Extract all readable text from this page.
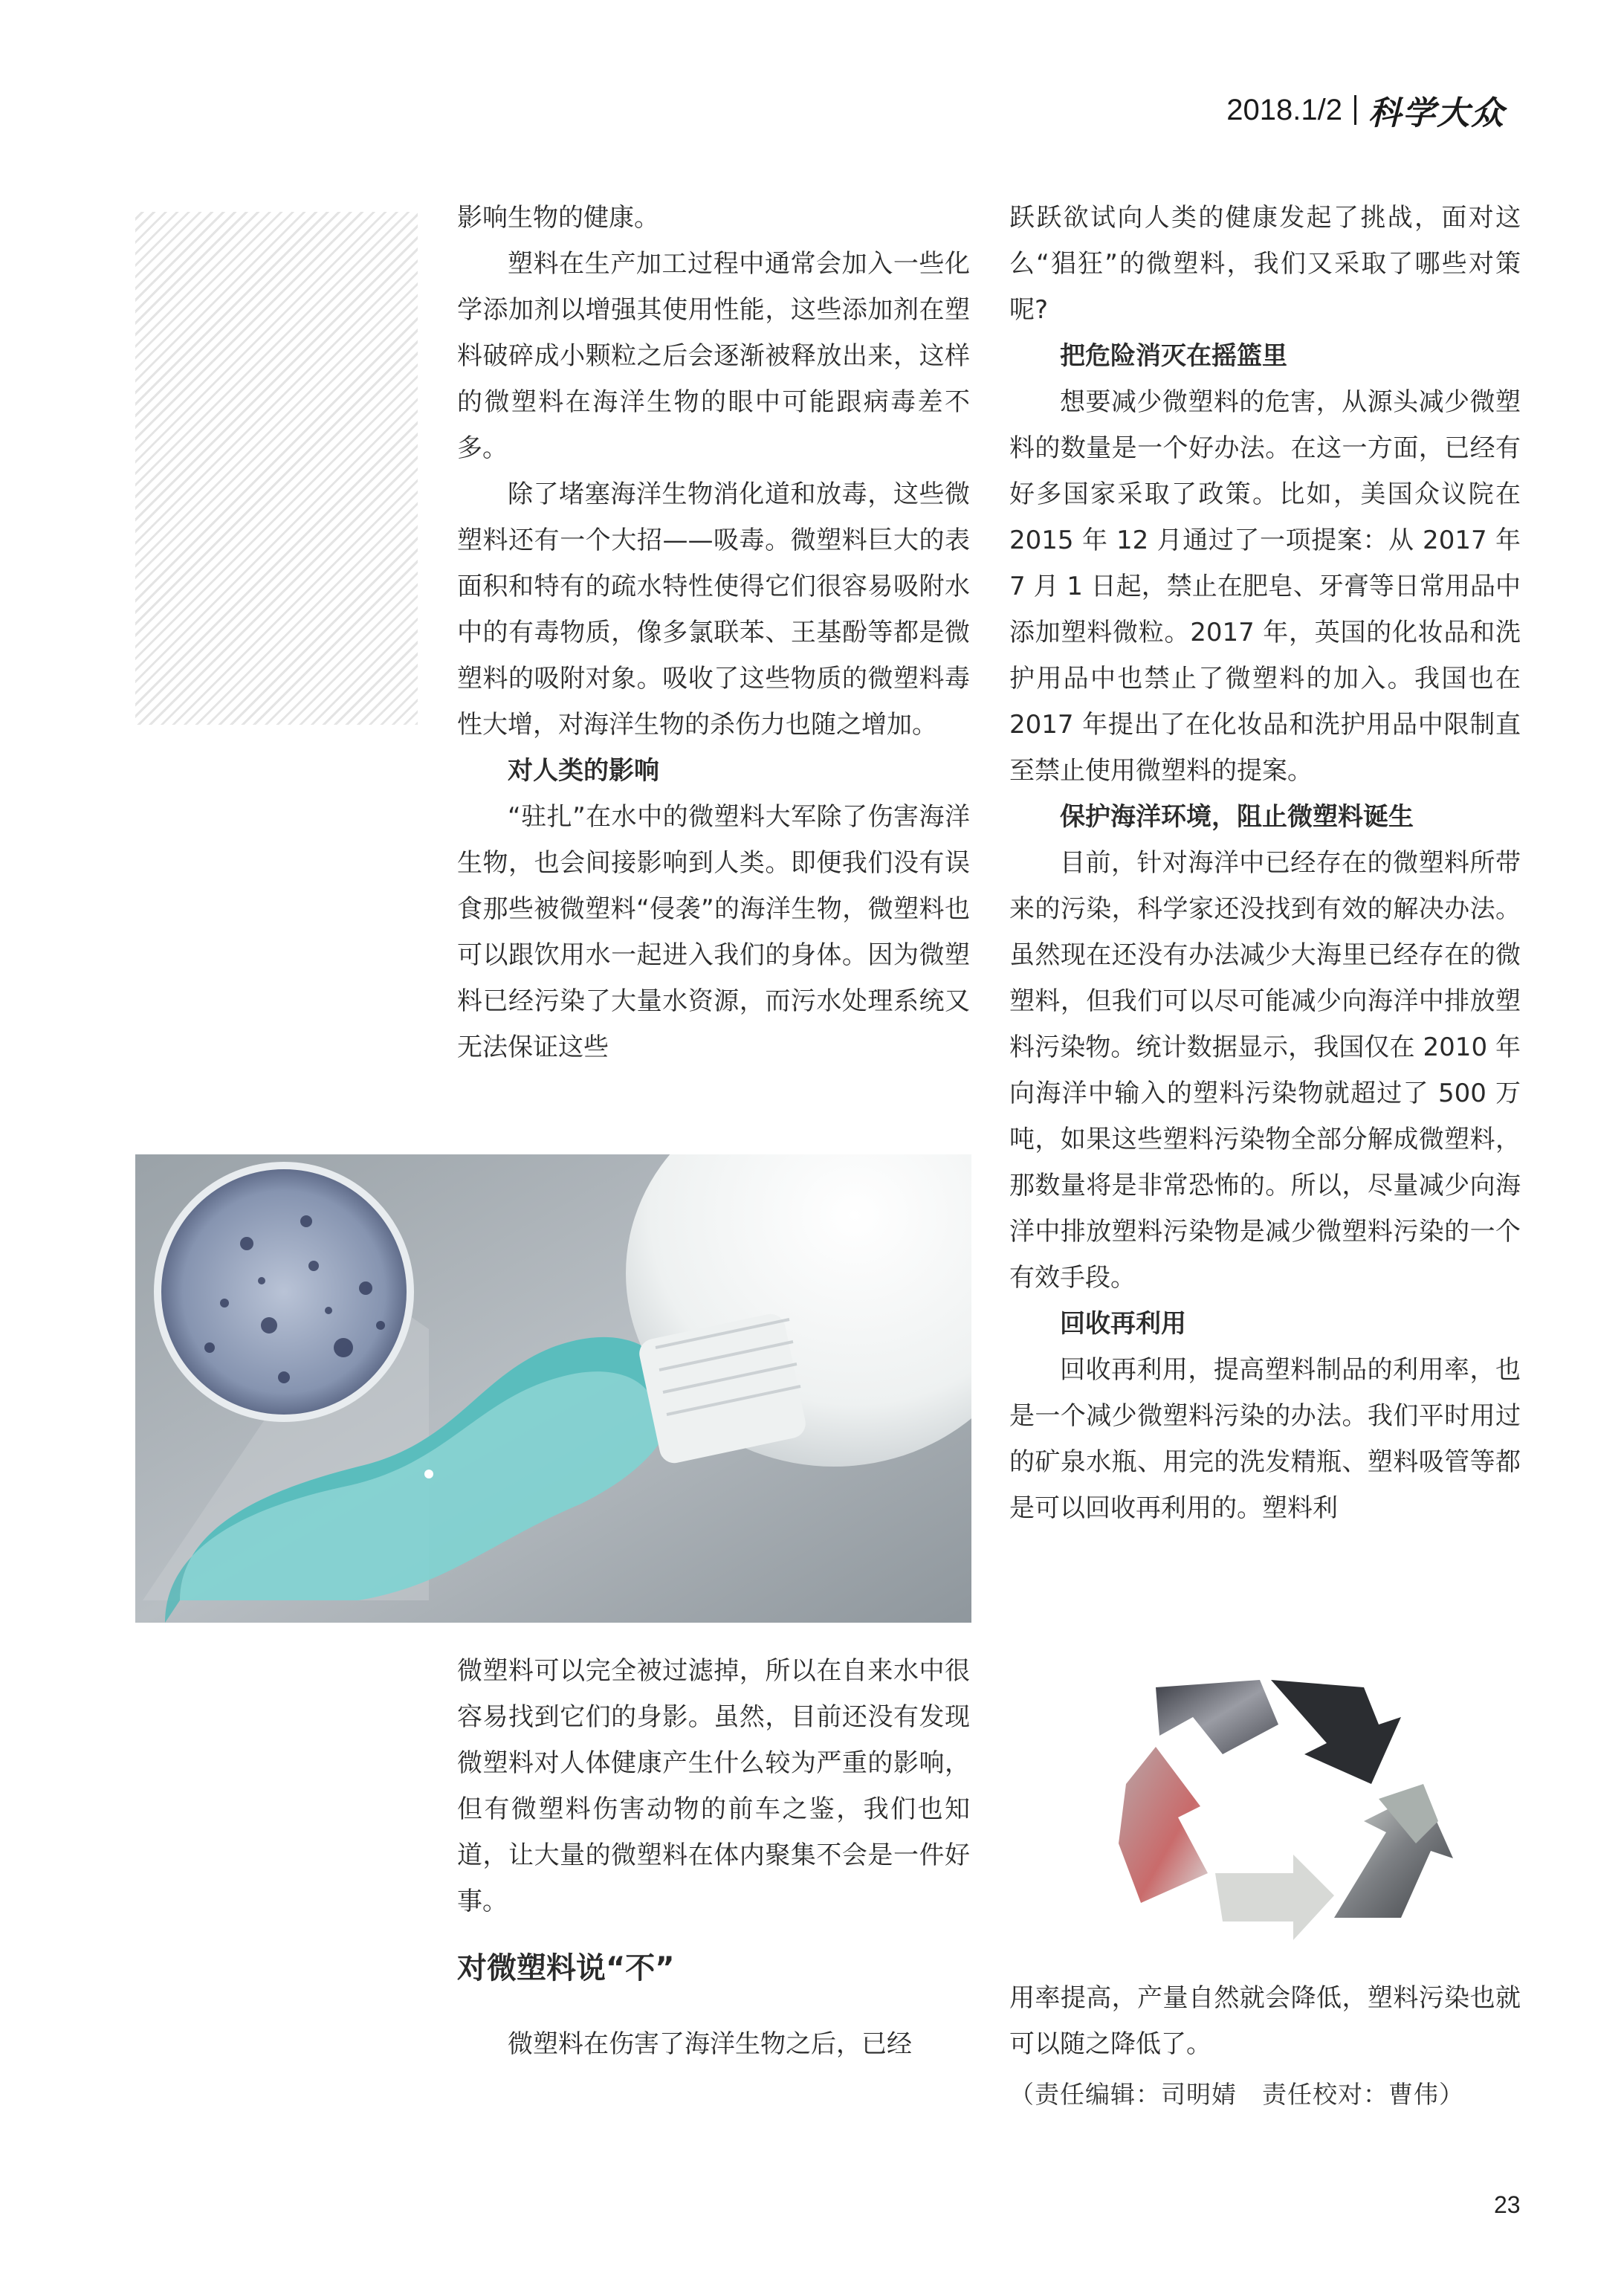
2018.1/2 科学大众

影响生物的健康。

塑料在生产加工过程中通常会加入一些化学添加剂以增强其使用性能，这些添加剂在塑料破碎成小颗粒之后会逐渐被释放出来，这样的微塑料在海洋生物的眼中可能跟病毒差不多。

除了堵塞海洋生物消化道和放毒，这些微塑料还有一个大招——吸毒。微塑料巨大的表面积和特有的疏水特性使得它们很容易吸附水中的有毒物质，像多氯联苯、王基酚等都是微塑料的吸附对象。吸收了这些物质的微塑料毒性大增，对海洋生物的杀伤力也随之增加。

对人类的影响

“驻扎”在水中的微塑料大军除了伤害海洋生物，也会间接影响到人类。即便我们没有误食那些被微塑料“侵袭”的海洋生物，微塑料也可以跟饮用水一起进入我们的身体。因为微塑料已经污染了大量水资源，而污水处理系统又无法保证这些

微塑料可以完全被过滤掉，所以在自来水中很容易找到它们的身影。虽然，目前还没有发现微塑料对人体健康产生什么较为严重的影响，但有微塑料伤害动物的前车之鉴，我们也知道，让大量的微塑料在体内聚集不会是一件好事。

对微塑料说“不”

微塑料在伤害了海洋生物之后，已经

跃跃欲试向人类的健康发起了挑战，面对这么“猖狂”的微塑料，我们又采取了哪些对策呢?

把危险消灭在摇篮里

想要减少微塑料的危害，从源头减少微塑料的数量是一个好办法。在这一方面，已经有好多国家采取了政策。比如，美国众议院在 2015 年 12 月通过了一项提案：从 2017 年 7 月 1 日起，禁止在肥皂、牙膏等日常用品中添加塑料微粒。2017 年，英国的化妆品和洗护用品中也禁止了微塑料的加入。我国也在 2017 年提出了在化妆品和洗护用品中限制直至禁止使用微塑料的提案。

保护海洋环境，阻止微塑料诞生

目前，针对海洋中已经存在的微塑料所带来的污染，科学家还没找到有效的解决办法。虽然现在还没有办法减少大海里已经存在的微塑料，但我们可以尽可能减少向海洋中排放塑料污染物。统计数据显示，我国仅在 2010 年向海洋中输入的塑料污染物就超过了 500 万吨，如果这些塑料污染物全部分解成微塑料，那数量将是非常恐怖的。所以，尽量减少向海洋中排放塑料污染物是减少微塑料污染的一个有效手段。

回收再利用

回收再利用，提高塑料制品的利用率，也是一个减少微塑料污染的办法。我们平时用过的矿泉水瓶、用完的洗发精瓶、塑料吸管等都是可以回收再利用的。塑料利

用率提高，产量自然就会降低，塑料污染也就可以随之降低了。

（责任编辑：司明婧　责任校对：曹伟）
23
